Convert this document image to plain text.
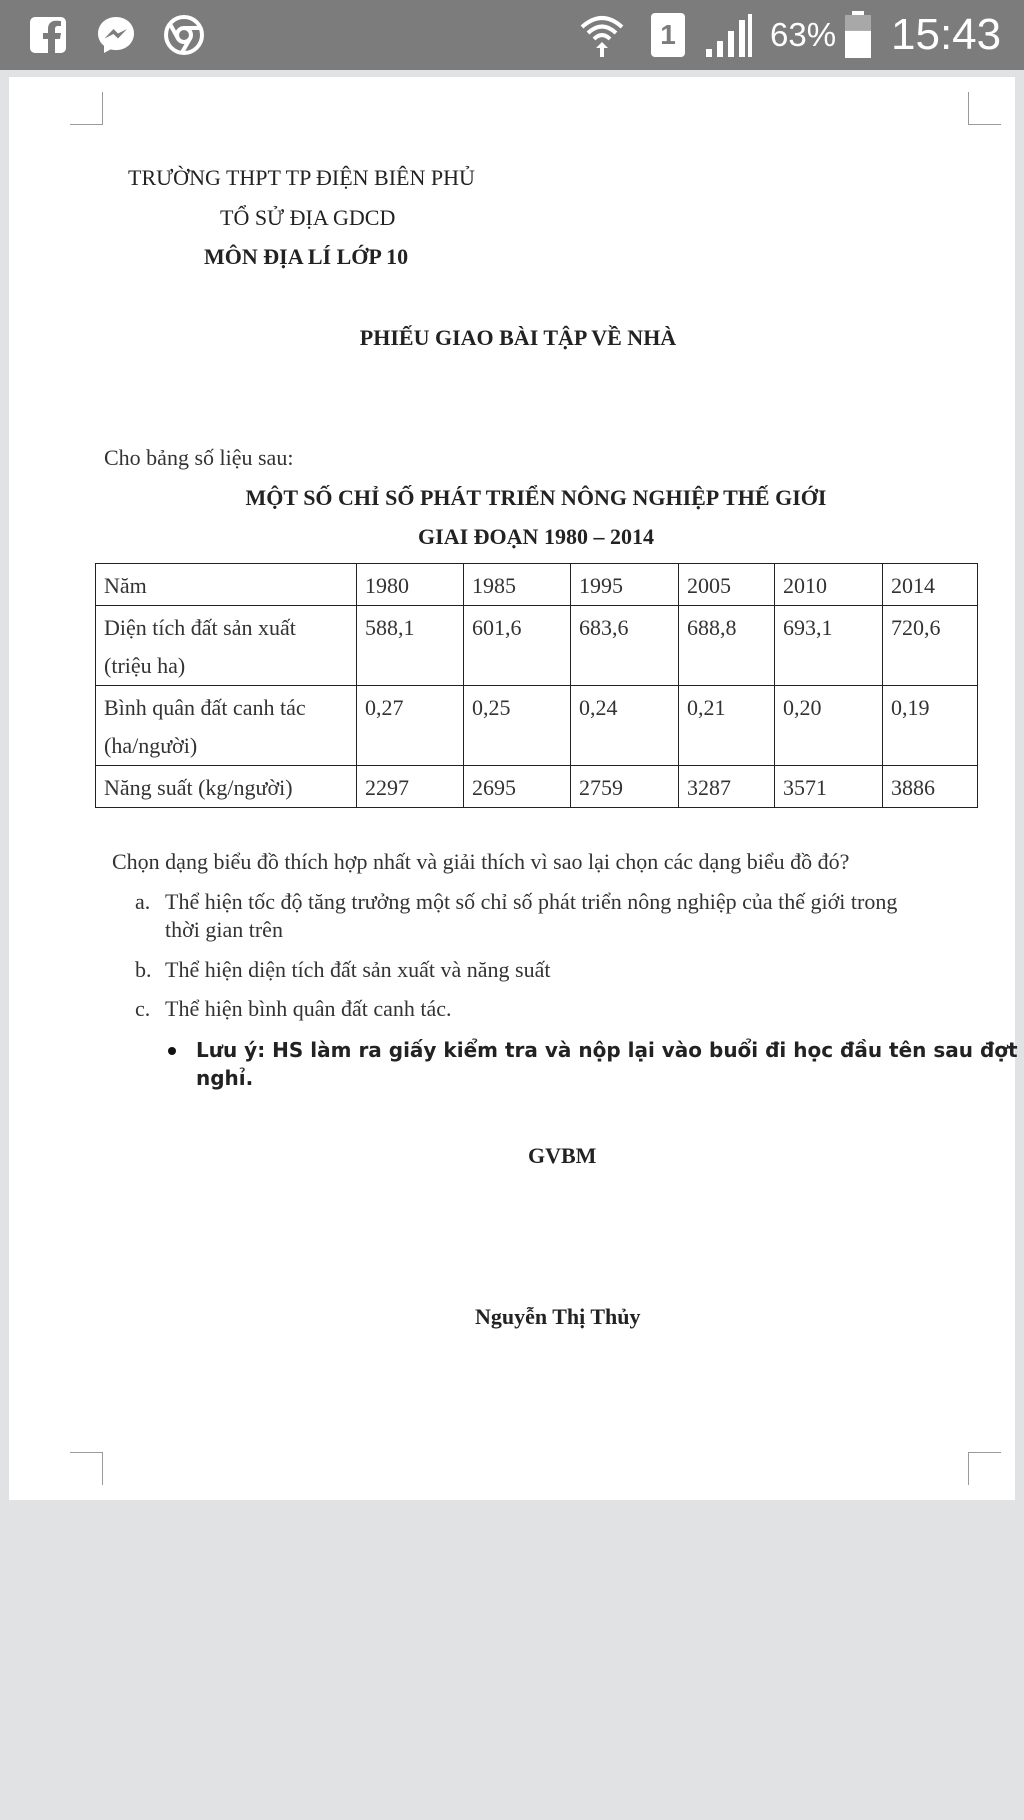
1	63% 15:43
TRƯỜNG THPT TP ĐIỆN BIÊN PHỦ
TỔ SỬ ĐỊA GDCD
MÔN ĐỊA LÍ LỚP 10
PHIẾU GIAO BÀI TẬP VỀ NHÀ
Cho bảng số liệu sau:
MỘT SỐ CHỈ SỐ PHÁT TRIỂN NÔNG NGHIỆP THẾ GIỚI
GIAI ĐOẠN 1980 – 2014
Năm	1980	1985	1995	2005	2010	2014
Diện tích đất sản xuất (triệu ha)	588,1	601,6	683,6	688,8	693,1	720,6
Bình quân đất canh tác (ha/người)	0,27	0,25	0,24	0,21	0,20	0,19
Năng suất (kg/người)	2297	2695	2759	3287	3571	3886
Chọn dạng biểu đồ thích hợp nhất và giải thích vì sao lại chọn các dạng biểu đồ đó?
a. Thể hiện tốc độ tăng trưởng một số chỉ số phát triển nông nghiệp của thế giới trong
thời gian trên
b. Thể hiện diện tích đất sản xuất và năng suất
c. Thể hiện bình quân đất canh tác.
Lưu ý: HS làm ra giấy kiểm tra và nộp lại vào buổi đi học đầu tên sau đợt
nghỉ.
GVBM
Nguyễn Thị Thủy
